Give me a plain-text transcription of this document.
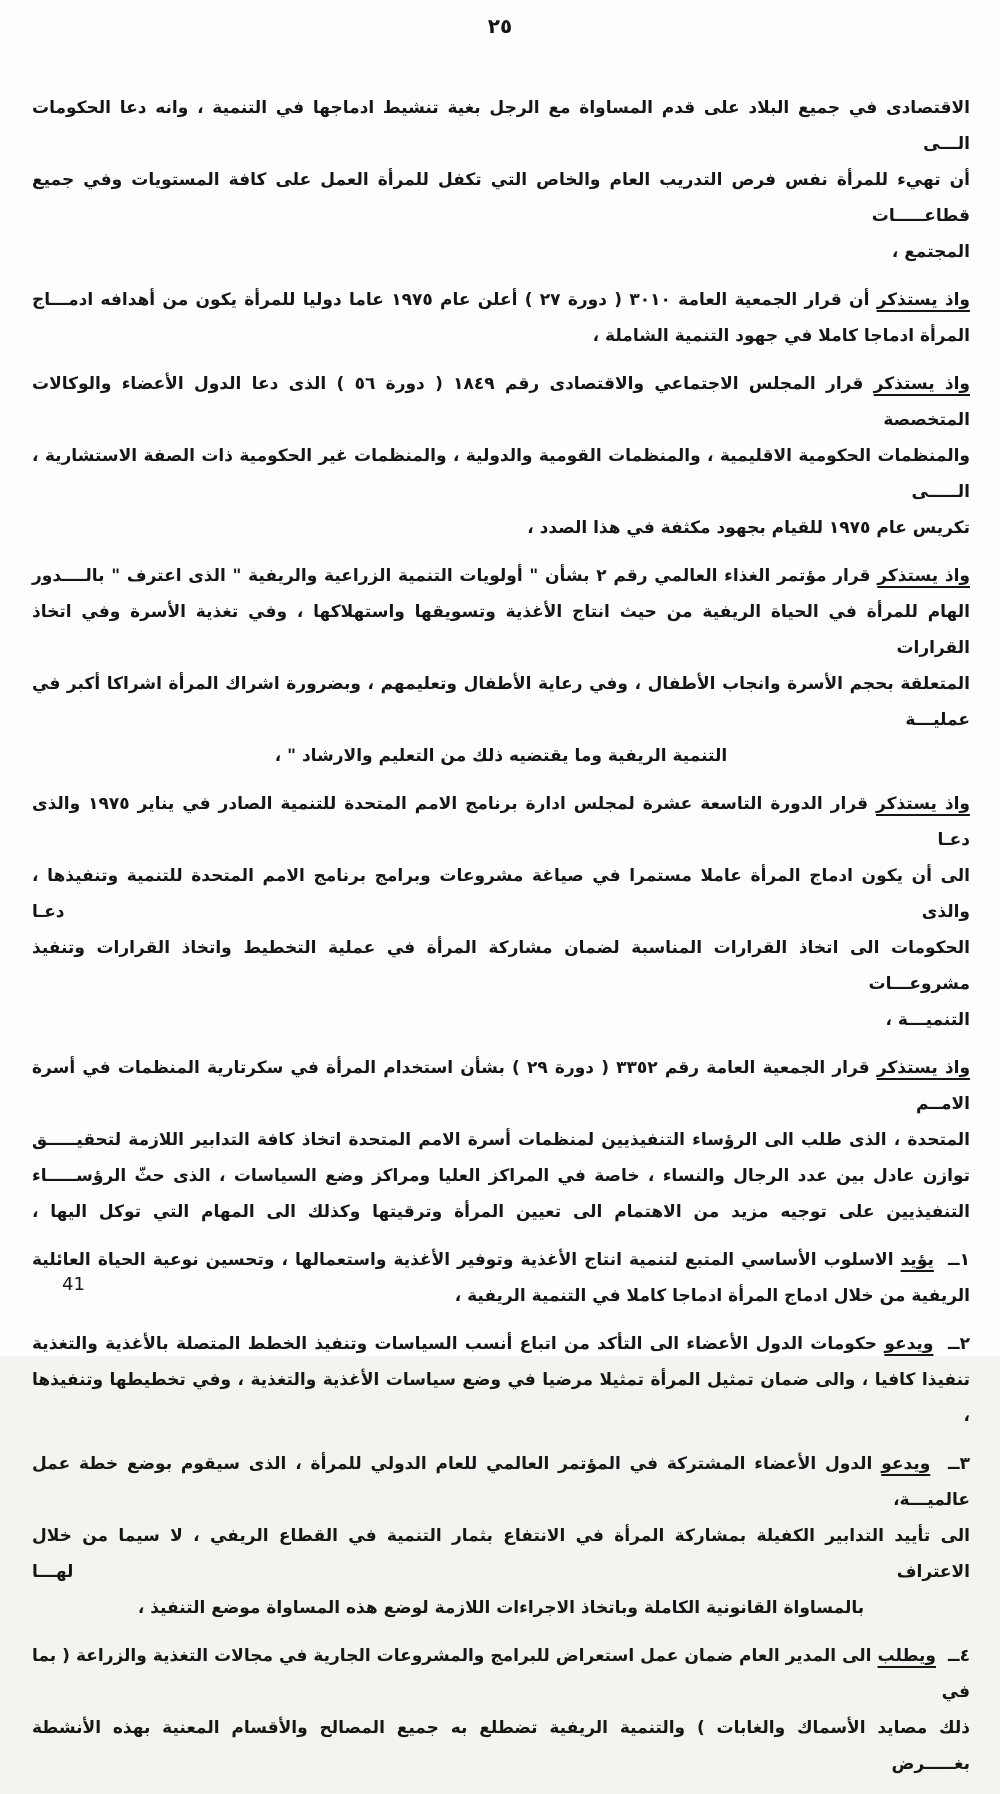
٢٥
الاقتصادى في جميع البلاد على قدم المساواة مع الرجل بغية تنشيط ادماجها في التنمية ، وانه دعا الحكومات الـــى
أن تهيء للمرأة نفس فرص التدريب العام والخاص التي تكفل للمرأة العمل على كافة المستويات وفي جميع قطاعـــــات
المجتمع ،
واذ يستذكر أن قرار الجمعية العامة ٣٠١٠ ( دورة ٢٧ ) أعلن عام ١٩٧٥ عاما دوليا للمرأة يكون من أهدافه ادمـــاج
المرأة ادماجا كاملا في جهود التنمية الشاملة ،
واذ يستذكر قرار المجلس الاجتماعي والاقتصادى رقم ١٨٤٩ ( دورة ٥٦ ) الذى دعا الدول الأعضاء والوكالات المتخصصة
والمنظمات الحكومية الاقليمية ، والمنظمات القومية والدولية ، والمنظمات غير الحكومية ذات الصفة الاستشارية ، الـــــى
تكريس عام ١٩٧٥ للقيام بجهود مكثفة في هذا الصدد ،
واذ يستذكر قرار مؤتمر الغذاء العالمي رقم ٢ بشأن " أولويات التنمية الزراعية والريفية " الذى اعترف " بالــــدور
الهام للمرأة في الحياة الريفية من حيث انتاج الأغذية وتسويقها واستهلاكها ، وفي تغذية الأسرة وفي اتخاذ القرارات
المتعلقة بحجم الأسرة وانجاب الأطفال ، وفي رعاية الأطفال وتعليمهم ، وبضرورة اشراك المرأة اشراكا أكبر في عمليـــة
التنمية الريفية وما يقتضيه ذلك من التعليم والارشاد " ،
واذ يستذكر قرار الدورة التاسعة عشرة لمجلس ادارة برنامج الامم المتحدة للتنمية الصادر في يناير ١٩٧٥ والذى دعـا
الى أن يكون ادماج المرأة عاملا مستمرا في صياغة مشروعات وبرامج برنامج الامم المتحدة للتنمية وتنفيذها ، والذى دعـا
الحكومات الى اتخاذ القرارات المناسبة لضمان مشاركة المرأة في عملية التخطيط واتخاذ القرارات وتنفيذ مشروعـــات
التنميـــة ،
واذ يستذكر قرار الجمعية العامة رقم ٣٣٥٢ ( دورة ٢٩ ) بشأن استخدام المرأة في سكرتارية المنظمات في أسرة الامــم
المتحدة ، الذى طلب الى الرؤساء التنفيذيين لمنظمات أسرة الامم المتحدة اتخاذ كافة التدابير اللازمة لتحقيـــــق
توازن عادل بين عدد الرجال والنساء ، خاصة في المراكز العليا ومراكز وضع السياسات ، الذى حثّ الرؤســـــاء
التنفيذيين على توجيه مزيد من الاهتمام الى تعيين المرأة وترقيتها وكذلك الى المهام التي توكل اليها ،
١ــ  يؤيد الاسلوب الأساسي المتبع لتنمية انتاج الأغذية وتوفير الأغذية واستعمالها ، وتحسين نوعية الحياة العائلية
الريفية من خلال ادماج المرأة ادماجا كاملا في التنمية الريفية ،
٢ــ  ويدعو حكومات الدول الأعضاء الى التأكد من اتباع أنسب السياسات وتنفيذ الخطط المتصلة بالأغذية والتغذية
تنفيذا كافيا ، والى ضمان تمثيل المرأة تمثيلا مرضيا في وضع سياسات الأغذية والتغذية ، وفي تخطيطها وتنفيذها ،
٣ــ  ويدعو الدول الأعضاء المشتركة في المؤتمر العالمي للعام الدولي للمرأة ، الذى سيقوم بوضع خطة عمل عالميـــة،
الى تأييد التدابير الكفيلة بمشاركة المرأة في الانتفاع بثمار التنمية في القطاع الريفي ، لا سيما من خلال الاعتراف لهـــا
بالمساواة القانونية الكاملة وباتخاذ الاجراءات اللازمة لوضع هذه المساواة موضع التنفيذ ،
٤ــ  ويطلب الى المدير العام ضمان عمل استعراض للبرامج والمشروعات الجارية في مجالات التغذية والزراعة ( بما في
ذلك مصايد الأسماك والغابات ) والتنمية الريفية تضطلع به جميع المصالح والأقسام المعنية بهذه الأنشطة بغـــــرض
41
